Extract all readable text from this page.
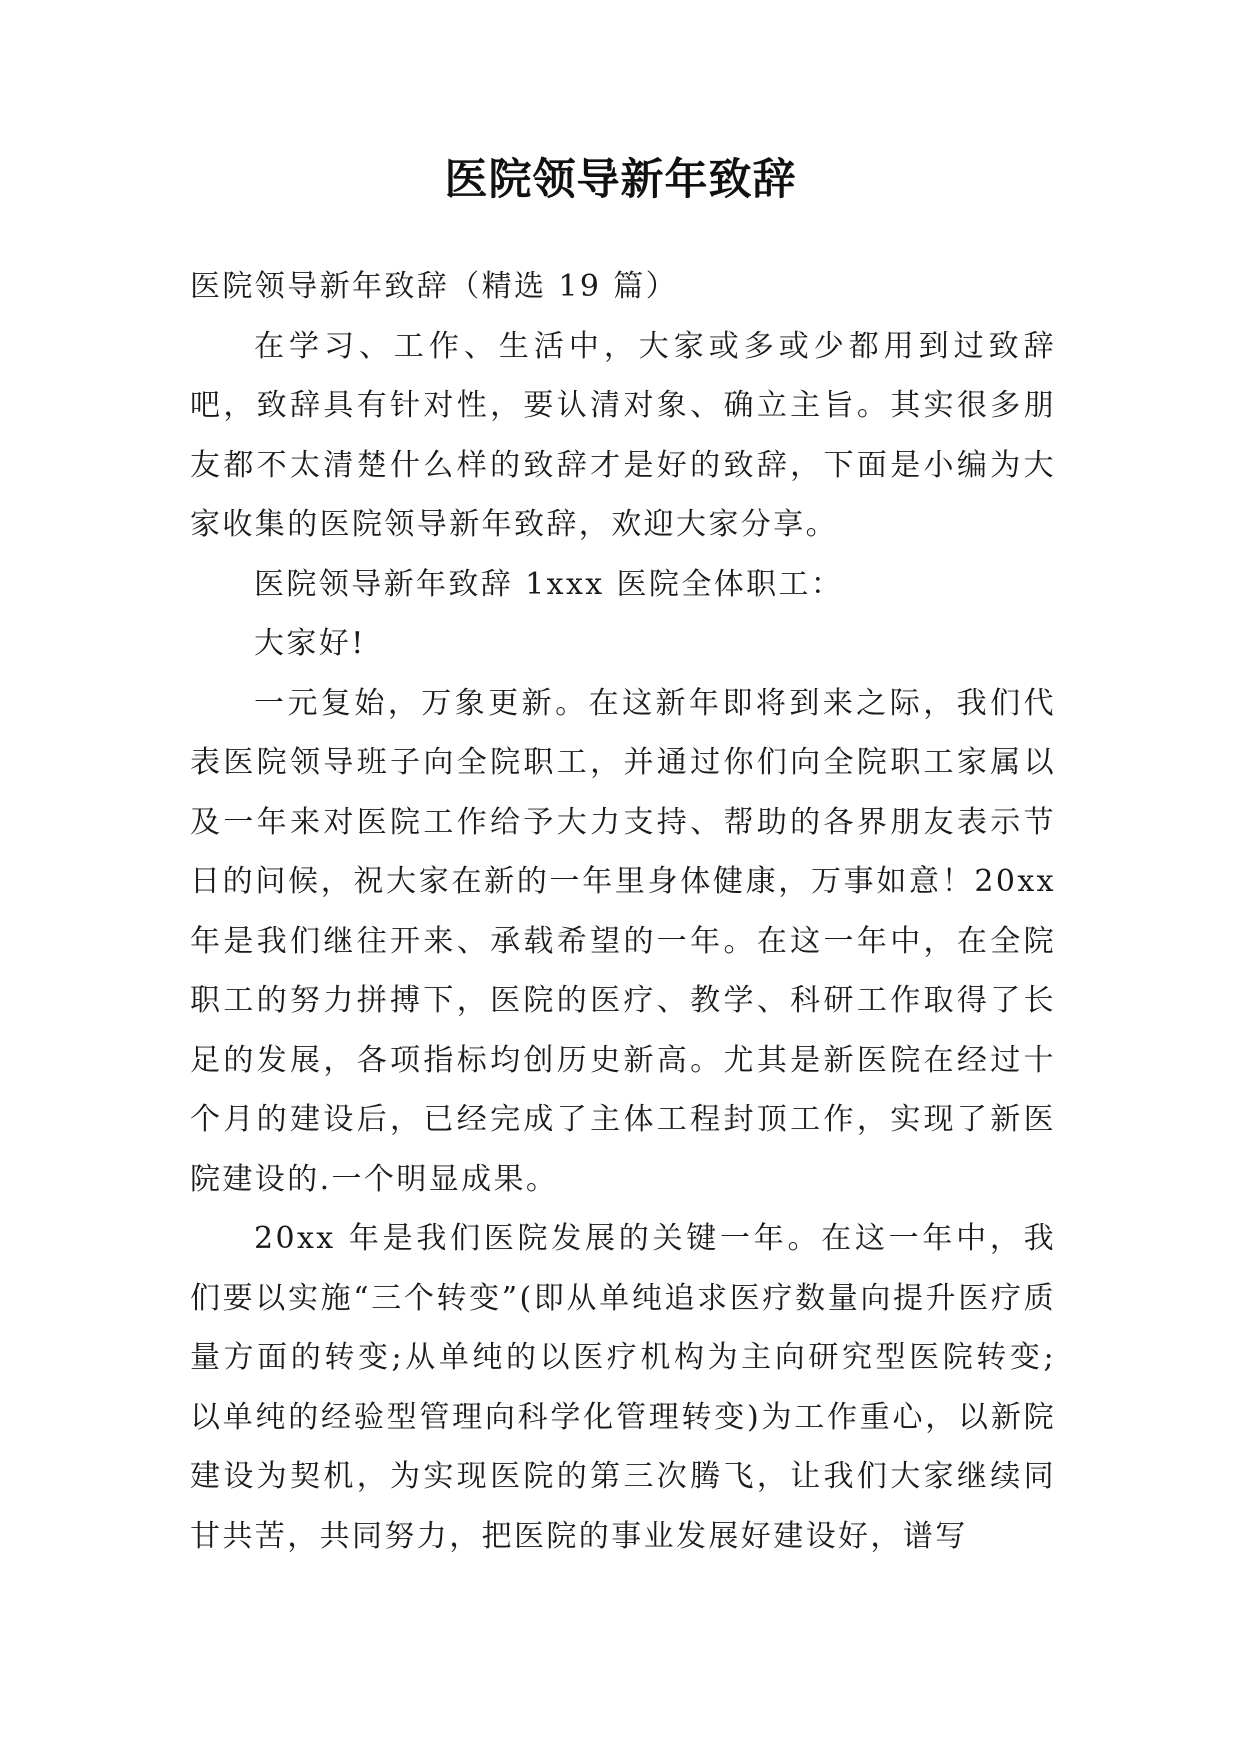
医院领导新年致辞

医院领导新年致辞（精选 19 篇）

在学习、工作、生活中，大家或多或少都用到过致辞吧，致辞具有针对性，要认清对象、确立主旨。其实很多朋友都不太清楚什么样的致辞才是好的致辞，下面是小编为大家收集的医院领导新年致辞，欢迎大家分享。

医院领导新年致辞 1xxx 医院全体职工：

大家好!

一元复始，万象更新。在这新年即将到来之际，我们代表医院领导班子向全院职工，并通过你们向全院职工家属以及一年来对医院工作给予大力支持、帮助的各界朋友表示节日的问候，祝大家在新的一年里身体健康，万事如意！20xx 年是我们继往开来、承载希望的一年。在这一年中，在全院职工的努力拼搏下，医院的医疗、教学、科研工作取得了长足的发展，各项指标均创历史新高。尤其是新医院在经过十个月的建设后，已经完成了主体工程封顶工作，实现了新医院建设的.一个明显成果。

20xx 年是我们医院发展的关键一年。在这一年中，我们要以实施“三个转变”(即从单纯追求医疗数量向提升医疗质量方面的转变;从单纯的以医疗机构为主向研究型医院转变;以单纯的经验型管理向科学化管理转变)为工作重心，以新院建设为契机，为实现医院的第三次腾飞，让我们大家继续同甘共苦，共同努力，把医院的事业发展好建设好，谱写
